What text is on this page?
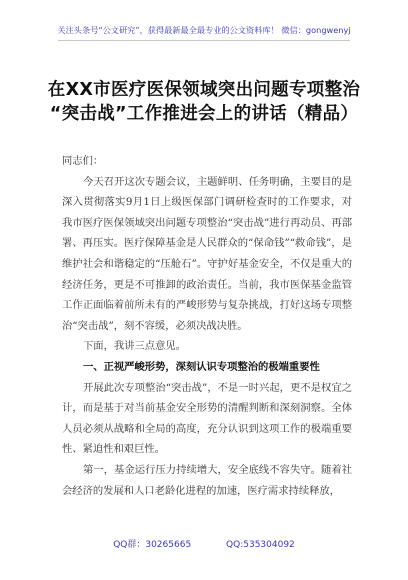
关注头条号“公文研究”，获得最新最全最专业的公文资料库！ 微信：gongwenyj
在XX市医疗医保领域突出问题专项整治
“突击战”工作推进会上的讲话（精品）

同志们：

今天召开这次专题会议，主题鲜明、任务明确，主要目的是深入贯彻落实9月1日上级医保部门调研检查时的工作要求，对我市医疗医保领域突出问题专项整治“突击战”进行再动员、再部署、再压实。医疗保障基金是人民群众的“保命钱”“救命钱”，是维护社会和谐稳定的“压舱石”。守护好基金安全，不仅是重大的经济任务，更是不可推卸的政治责任。当前，我市医保基金监管工作正面临着前所未有的严峻形势与复杂挑战，打好这场专项整治“突击战”，刻不容缓，必须决战决胜。

下面，我讲三点意见。

一、正视严峻形势，深刻认识专项整治的极端重要性

开展此次专项整治“突击战”，不是一时兴起，更不是权宜之计，而是基于对当前基金安全形势的清醒判断和深刻洞察。全体人员必须从战略和全局的高度，充分认识到这项工作的极端重要性、紧迫性和艰巨性。

第一，基金运行压力持续增大，安全底线不容失守。随着社会经济的发展和人口老龄化进程的加速，医疗需求持续释放，

QQ群：30265665	QQ:535304092
